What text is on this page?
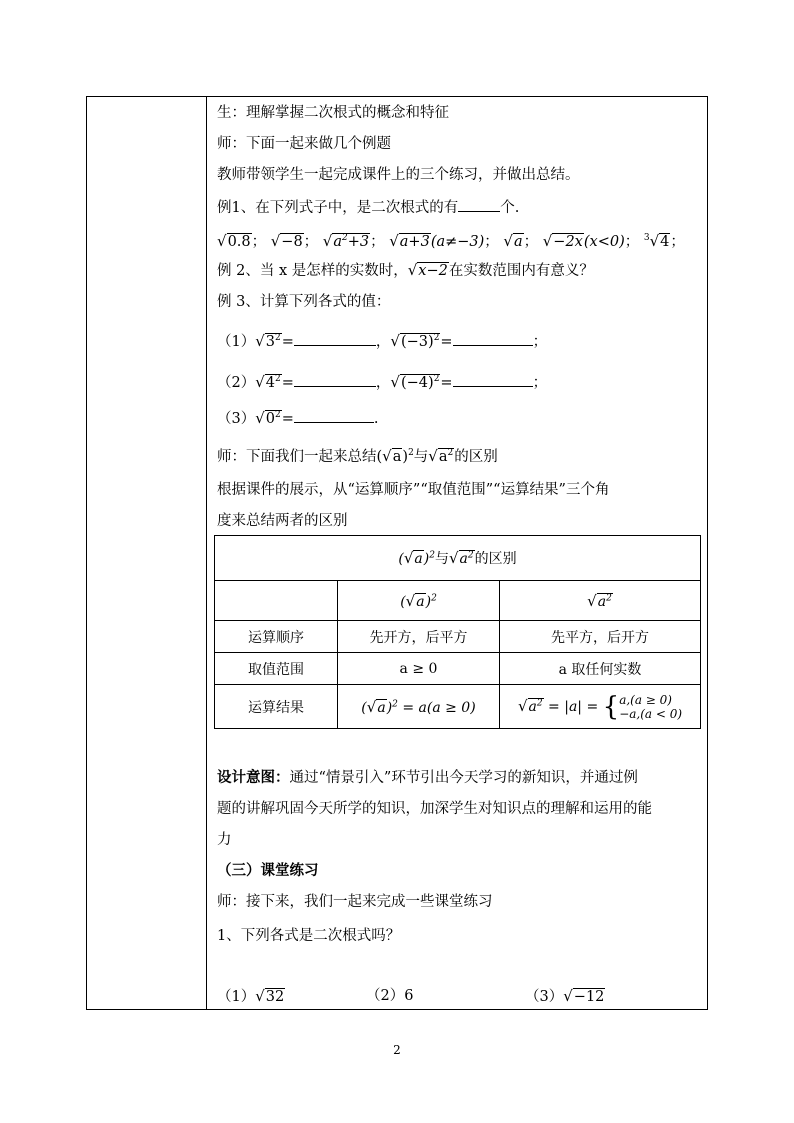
生：理解掌握二次根式的概念和特征
师：下面一起来做几个例题
教师带领学生一起完成课件上的三个练习，并做出总结。
例1、在下列式子中，是二次根式的有	个.
√0.8； √−8； $√a^2+3$； √a+3(a≠−3)； √a； √−2x(x<0)； $^3$√4；
例 2、当 x 是怎样的实数时，√x−2在实数范围内有意义？
例 3、计算下列各式的值：
$(1)√3^2=$	，$√(-3)^2=$	；
$(2)√4^2=$	，$√(-4)^2=$	；
$(3)√0^2=$	.
师：下面我们一起来总结$(√a)^2$与$√a^2$的区别
根据课件的展示，从“运算顺序”“取值范围”“运算结果”三个角
度来总结两者的区别
$(√a)^2$与$√a^2$的区别		
	$(√a)^2$	$√a^2$
运算顺序	先开方，后平方	先平方，后开方
取值范围	a ≥ 0	a 取任何实数
运算结果	$(√a)^2 = a(a \ge 0)$	$√a^2 = |a| = \{a,(a \ge 0)$
−a,(a < 0)
设计意图：通过“情景引入”环节引出今天学习的新知识，并通过例
题的讲解巩固今天所学的知识，加深学生对知识点的理解和运用的能
力
（三）课堂练习
师：接下来，我们一起来完成一些课堂练习
1、下列各式是二次根式吗？
（1）√32	（2）6	（3）√−12
2
